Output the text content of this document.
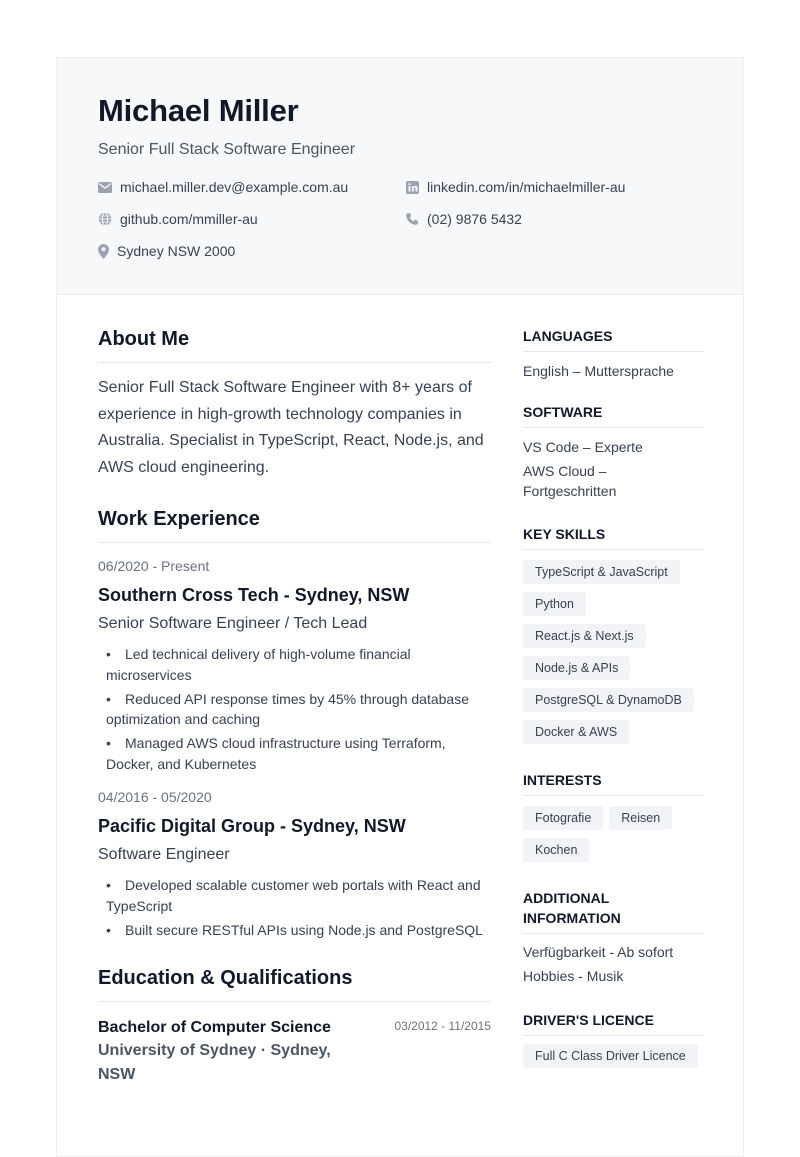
Michael Miller
Senior Full Stack Software Engineer
michael.miller.dev@example.com.au	linkedin.com/in/michaelmiller-au
github.com/mmiller-au	(02) 9876 5432
Sydney NSW 2000
About Me

Senior Full Stack Software Engineer with 8+ years of experience in high-growth technology companies in Australia. Specialist in TypeScript, React, Node.js, and AWS cloud engineering.

Work Experience
06/2020 - Present
Southern Cross Tech - Sydney, NSW
Senior Software Engineer / Tech Lead
• Led technical delivery of high-volume financial microservices
• Reduced API response times by 45% through database optimization and caching
• Managed AWS cloud infrastructure using Terraform, Docker, and Kubernetes
04/2016 - 05/2020
Pacific Digital Group - Sydney, NSW
Software Engineer
• Developed scalable customer web portals with React and TypeScript
• Built secure RESTful APIs using Node.js and PostgreSQL
Education & Qualifications
Bachelor of Computer Science
University of Sydney · Sydney, NSW
03/2012 - 11/2015
LANGUAGES
English – Muttersprache
SOFTWARE
VS Code – Experte
AWS Cloud – Fortgeschritten
KEY SKILLS
TypeScript & JavaScript
Python
React.js & Next.js
Node.js & APIs
PostgreSQL & DynamoDB
Docker & AWS
INTERESTS
Fotografie Reisen
Kochen
ADDITIONAL INFORMATION
Verfügbarkeit - Ab sofort
Hobbies - Musik
DRIVER'S LICENCE
Full C Class Driver Licence
